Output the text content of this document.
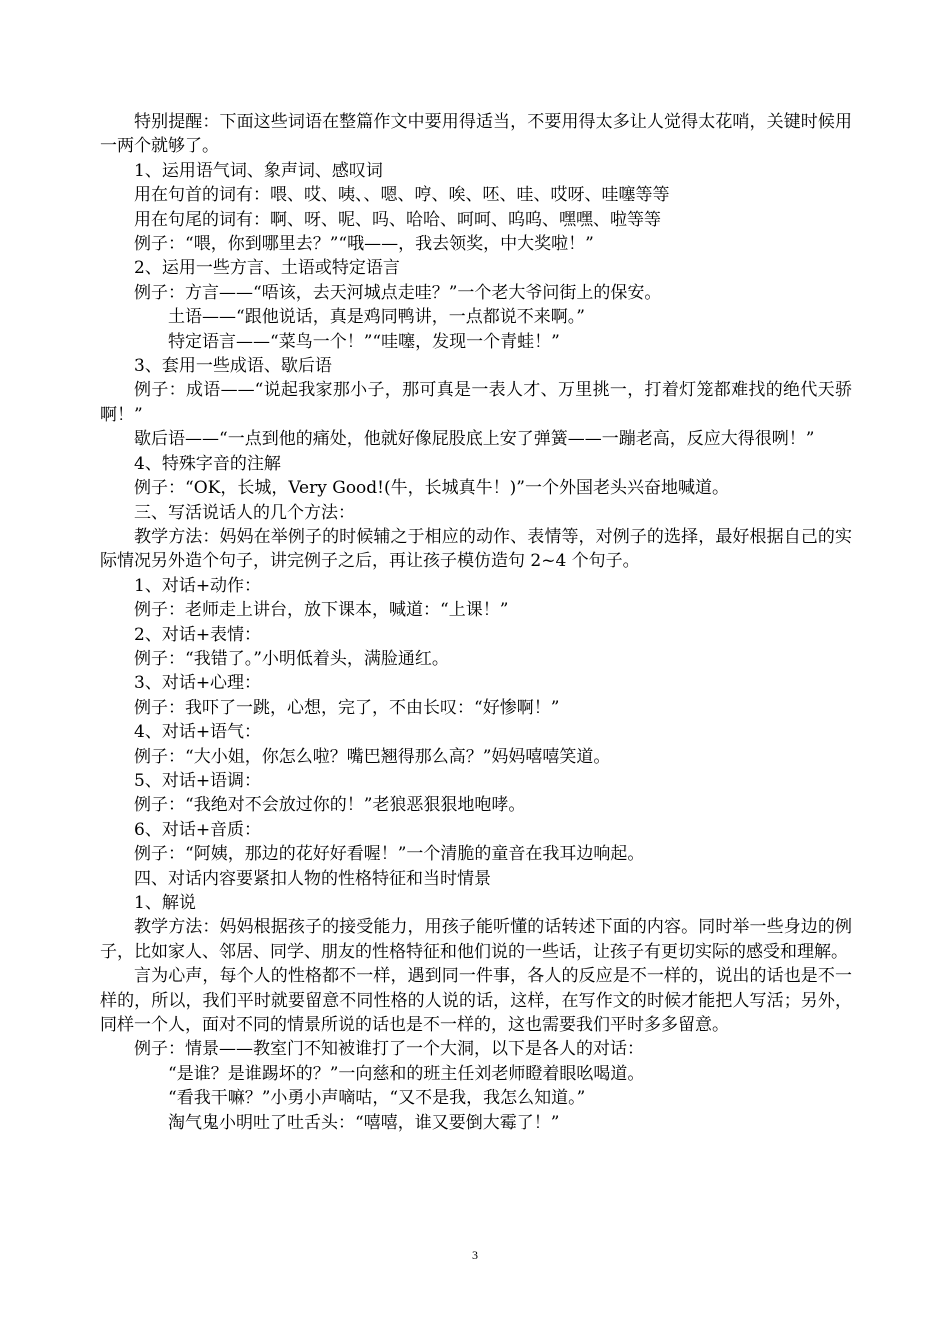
特别提醒：下面这些词语在整篇作文中要用得适当，不要用得太多让人觉得太花哨，关键时候用一两个就够了。

1、运用语气词、象声词、感叹词

用在句首的词有：喂、哎、咦、、嗯、哼、唉、呸、哇、哎呀、哇噻等等

用在句尾的词有：啊、呀、呢、吗、哈哈、呵呵、呜呜、嘿嘿、啦等等

例子：“喂，你到哪里去？”“哦——，我去领奖，中大奖啦！”

2、运用一些方言、土语或特定语言

例子：方言——“唔该，去天河城点走哇？”一个老大爷问街上的保安。

土语——“跟他说话，真是鸡同鸭讲，一点都说不来啊。”

特定语言——“菜鸟一个！”“哇噻，发现一个青蛙！”

3、套用一些成语、歇后语

例子：成语——“说起我家那小子，那可真是一表人才、万里挑一，打着灯笼都难找的绝代天骄啊！”

歇后语——“一点到他的痛处，他就好像屁股底上安了弹簧——一蹦老高，反应大得很咧！”

4、特殊字音的注解

例子：“OK，长城，Very Good!(牛，长城真牛！)”一个外国老头兴奋地喊道。

三、写活说话人的几个方法：

教学方法：妈妈在举例子的时候辅之于相应的动作、表情等，对例子的选择，最好根据自己的实际情况另外造个句子，讲完例子之后，再让孩子模仿造句 2~4 个句子。

1、对话+动作：

例子：老师走上讲台，放下课本，喊道：“上课！”

2、对话+表情：

例子：“我错了。”小明低着头，满脸通红。

3、对话+心理：

例子：我吓了一跳，心想，完了，不由长叹：“好惨啊！”

4、对话+语气：

例子：“大小姐，你怎么啦？嘴巴翘得那么高？”妈妈嘻嘻笑道。

5、对话+语调：

例子：“我绝对不会放过你的！”老狼恶狠狠地咆哮。

6、对话+音质：

例子：“阿姨，那边的花好好看喔！”一个清脆的童音在我耳边响起。

四、对话内容要紧扣人物的性格特征和当时情景

1、解说

教学方法：妈妈根据孩子的接受能力，用孩子能听懂的话转述下面的内容。同时举一些身边的例子，比如家人、邻居、同学、朋友的性格特征和他们说的一些话，让孩子有更切实际的感受和理解。

言为心声，每个人的性格都不一样，遇到同一件事，各人的反应是不一样的，说出的话也是不一样的，所以，我们平时就要留意不同性格的人说的话，这样，在写作文的时候才能把人写活；另外，同样一个人，面对不同的情景所说的话也是不一样的，这也需要我们平时多多留意。

例子：情景——教室门不知被谁打了一个大洞，以下是各人的对话：

“是谁？是谁踢坏的？”一向慈和的班主任刘老师瞪着眼吆喝道。

“看我干嘛？”小勇小声嘀咕，“又不是我，我怎么知道。”

淘气鬼小明吐了吐舌头：“嘻嘻，谁又要倒大霉了！”

3
